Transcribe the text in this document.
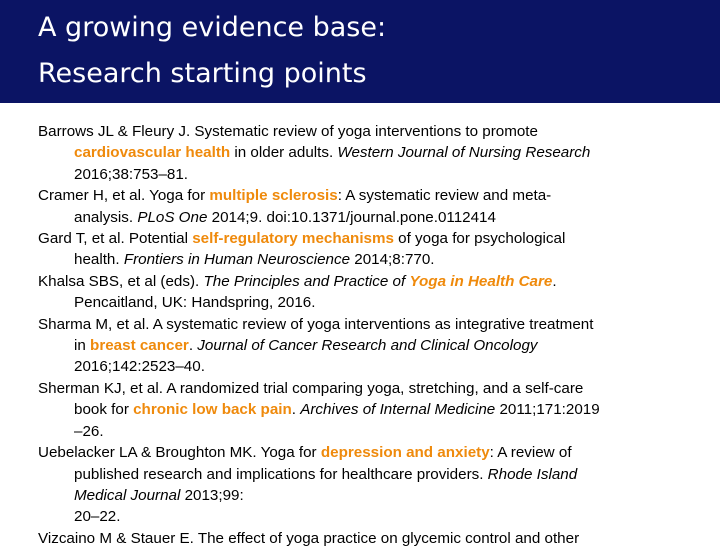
A growing evidence base:
Research starting points
Barrows JL & Fleury J. Systematic review of yoga interventions to promote
cardiovascular health in older adults. Western Journal of Nursing Research
2016;38:753–81.
Cramer H, et al. Yoga for multiple sclerosis: A systematic review and meta-
analysis. PLoS One 2014;9. doi:10.1371/journal.pone.0112414
Gard T, et al. Potential self-regulatory mechanisms of yoga for psychological
health. Frontiers in Human Neuroscience 2014;8:770.
Khalsa SBS, et al (eds). The Principles and Practice of Yoga in Health Care.
Pencaitland, UK: Handspring, 2016.
Sharma M, et al. A systematic review of yoga interventions as integrative treatment
in breast cancer. Journal of Cancer Research and Clinical Oncology
2016;142:2523–40.
Sherman KJ, et al. A randomized trial comparing yoga, stretching, and a self-care
book for chronic low back pain. Archives of Internal Medicine 2011;171:2019
–26.
Uebelacker LA & Broughton MK. Yoga for depression and anxiety: A review of
published research and implications for healthcare providers. Rhode Island
Medical Journal 2013;99:
20–22.
Vizcaino M & Stauer E. The effect of yoga practice on glycemic control and other
